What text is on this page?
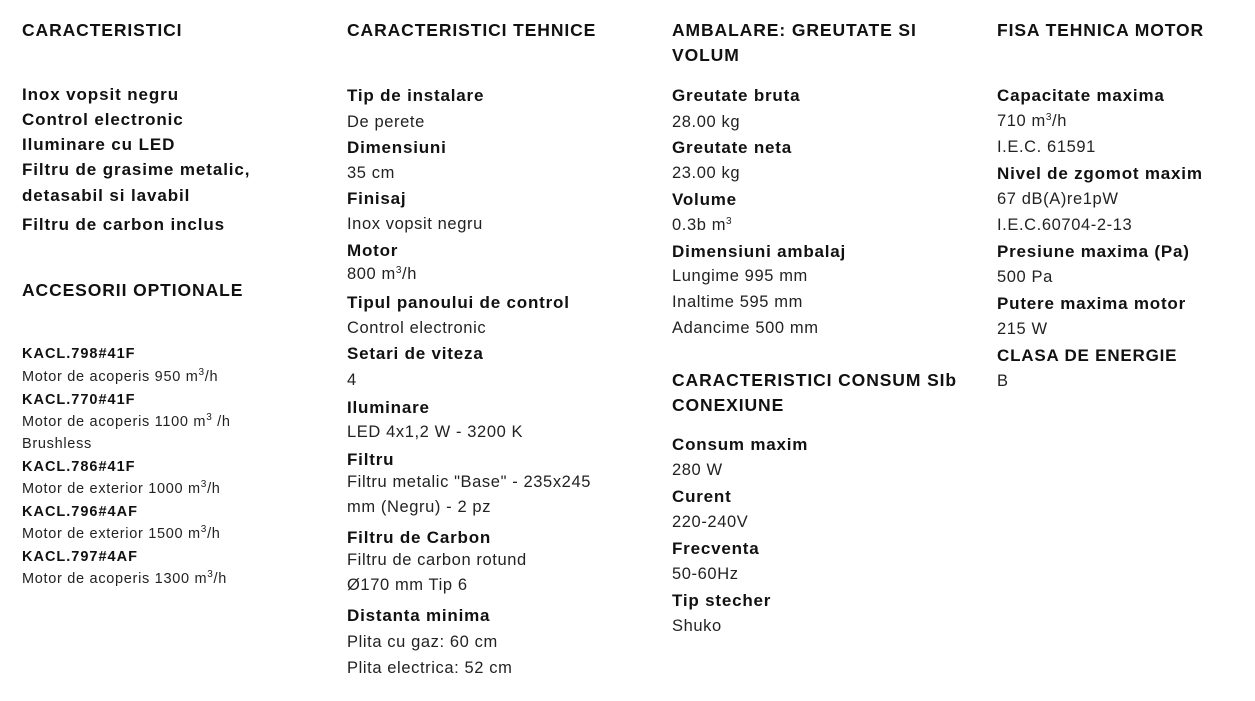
CARACTERISTICI
Inox vopsit negru
Control electronic
Iluminare cu LED
Filtru de grasime metalic,
detasabil si lavabil
Filtru de carbon inclus
ACCESORII OPTIONALE
KACL.798#41F
Motor de acoperis 950 $m^3/h$
KACL.770#41F
Motor de acoperis 1100 $m^3$ /h
Brushless
KACL.786#41F
Motor de exterior 1000 $m^3/h$
KACL.796#4AF
Motor de exterior 1500 $m^3/h$
KACL.797#4AF
Motor de acoperis 1300 $m^3/h$
CARACTERISTICI TEHNICE
Tip de instalare
De perete
Dimensiuni
35 cm
Finisaj
Inox vopsit negru
Motor
800 $m^3/h$
Tipul panoului de control
Control electronic
Setari de viteza
4
Iluminare
LED 4x1,2 W - 3200 K
Filtru
Filtru metalic "Base" - 235x245
mm (Negru) - 2 pz
Filtru de Carbon
Filtru de carbon rotund
Ø170 mm Tip 6
Distanta minima
Plita cu gaz: 60 cm
Plita electrica: 52 cm
AMBALARE: GREUTATE SI VOLUM
Greutate bruta
28.00 kg
Greutate neta
23.00 kg
Volume
0.3b $m^3$
Dimensiuni ambalaj
Lungime 995 mm
Inaltime 595 mm
Adancime 500 mm
CARACTERISTICI CONSUM SIb CONEXIUNE
Consum maxim
280 W
Curent
220-240V
Frecventa
50-60Hz
Tip stecher
Shuko
FISA TEHNICA MOTOR
Capacitate maxima
710 $m^3/h$
I.E.C. 61591
Nivel de zgomot maxim
67 dB(A)re1pW
I.E.C.60704-2-13
Presiune maxima (Pa)
500 Pa
Putere maxima motor
215 W
CLASA DE ENERGIE
B
